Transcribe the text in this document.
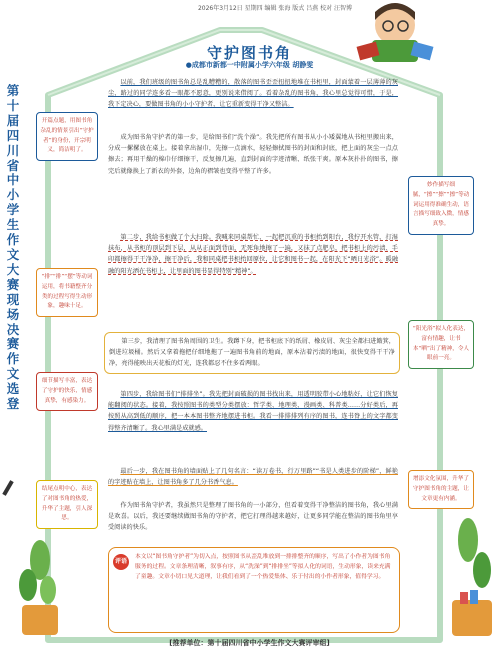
2026年3月12日 星期四 编辑 张海 版式 吕燕 校对 汪智博
守护图书角
●成都市新都一中附属小学六年级 胡静雯
第十届四川省中小学生作文大赛现场决赛作文选登

以前，我们班级的图书角总是乱糟糟的，散落的图书歪歪扭扭地堆在书柜里，封面蒙着一层薄薄的灰尘，路过的同学连多看一眼都不愿意，更别说来借阅了。看着杂乱的图书角，我心里总觉得可惜，于是，我下定决心，要做图书角的小小守护者，让它重新变得干净又整洁。

成为图书角守护者的第一步，是给图书们“洗个澡”。我先把所有图书从小小矮翼地从书柜里搬出来，分成一摞摞放在桌上。接着拿出湿巾，先擦一点滴水，轻轻擦拭图书的封面和封底，把上面的灰尘一点点擦去；再用干燥的棉巾仔细擦干，反复擦几遍，直到封面的字迹清晰、纸张干爽。原本灰扑扑的图书，擦完后就像换上了新衣的外套，边角的褶皱也变得平整了许多。

第二步，我给书柜做了个大扫除。我喊来同桌帮忙，一起把沉重的书柜抬到阳台，我拧开水管，打湿抹布，从书柜的顶层到下层，从从正面到背面，无死角地擦了一遍，又抹了点肥皂，把书柜上的污渍、手印都擦得干干净净，擦干净后，我和同桌把书柜抬回原位，让它和图书一起，在阳光下“晒日光浴”。暖融融的阳光洒在书柜上，让里面的图书显得特别“精神”。

第三步，我清理了图书角周围的卫生。我蹲下身，把书柜底下的纸屑、橡皮屑、灰尘全都扫进簸箕，倒进垃圾桶。然后又拿着拖把仔细地拖了一遍图书角前的地面，原本沾着污渍的地面，很快变得干干净净，亮得能映出天花板的灯光，连我都忍不住多看两眼。

第四步，我给图书们“排排坐”。我先把封面破损的图书找出来，用透明胶带小心地粘好，让它们恢复能翻阅的状态。接着，我按照图书的类型分类摆放：哲学类、地理类、漫画类、科普类……分好类后，再按照从高到低的顺序，把一本本图书整齐地摆进书柜。我看一排排排列有序的图书，连书脊上的文字都变得整齐清晰了。我心里满是成就感。

最后一步，我在图书角的墙面贴上了几句名言：“读万卷书，行万里路”“书是人类进步的阶梯”，鲜艳的字迹贴在墙上，让图书角多了几分书香气息。

作为图书角守护者，我虽然只是整理了图书角的一小部分，但看着变得干净整洁的图书角，我心里满是欢喜。以后，我还要继续做图书角的守护者，把它打理得越来越好，让更多同学能在整洁的图书角里享受阅读的快乐。

开篇点题，用图书角杂乱的情景引出“守护者”的身份，开宗明义，简洁明了。
妙作描写细腻，“擦”“擦”“擦”等动词运用得准确生动，语言描写细致入微，情感真挚。
“排”“排”“摆”等动词运用，将书籍整齐分类的过程写得生动形象，趣味十足。
“阳光浴”拟人化表达，富有情趣，让书本“晒”出了精神，令人眼前一亮。
细节描写丰富，表达了守护的快乐，情感真挚，有感染力。
结尾点明中心，表达了对图书角的热爱，升华了主题，引人深思。
增添文化氛围，升华了守护图书角的主题，让文章更有内涵。
评语
本文以“图书角守护者”为切入点，按照图书从歪乱堆放到一排排整齐的顺序，写出了小作者为图书角服务的过程。文章条理清晰，叙事有序，从“洗澡”到“排排坐”等拟人化的词语，生动形象，读来充满了童趣。文章小切口见大道理，让我们看到了一个热爱集体、乐于付出的小作者形象，值得学习。
[推荐单位：第十届四川省中小学生作文大赛评审组]
